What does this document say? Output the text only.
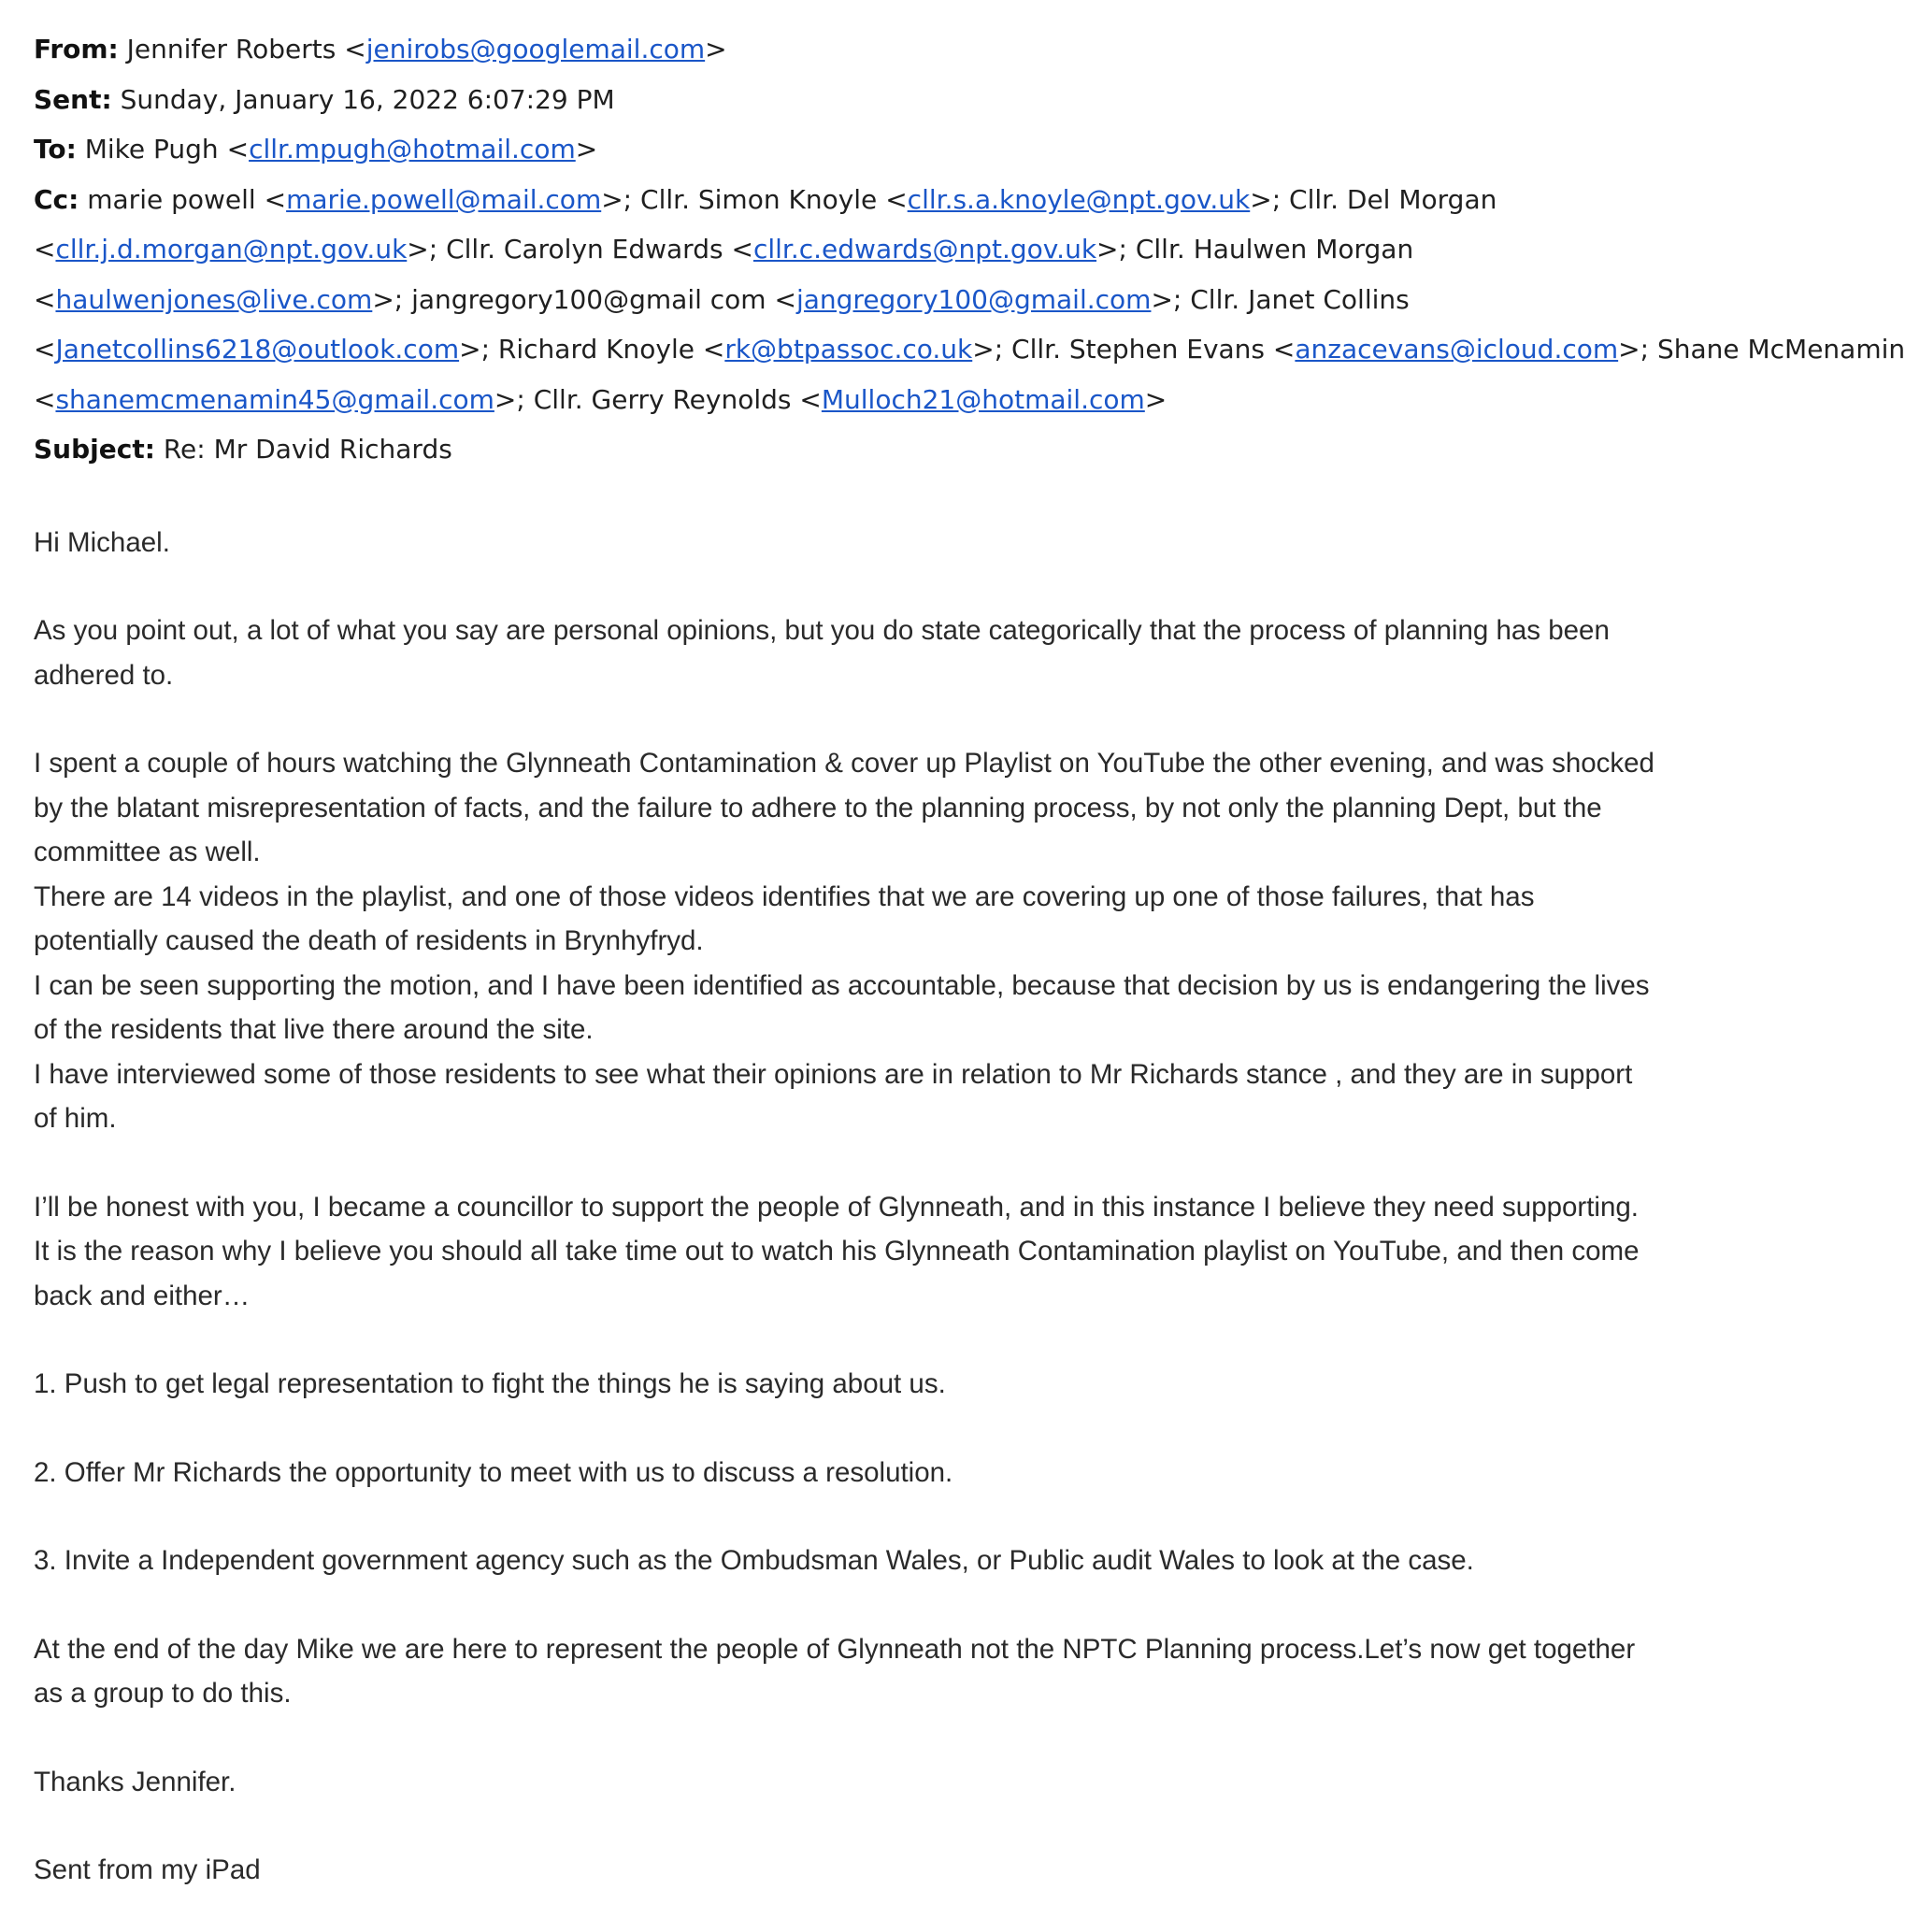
From: Jennifer Roberts <jenirobs@googlemail.com>
Sent: Sunday, January 16, 2022 6:07:29 PM
To: Mike Pugh <cllr.mpugh@hotmail.com>
Cc: marie powell <marie.powell@mail.com>; Cllr. Simon Knoyle <cllr.s.a.knoyle@npt.gov.uk>; Cllr. Del Morgan
<cllr.j.d.morgan@npt.gov.uk>; Cllr. Carolyn Edwards <cllr.c.edwards@npt.gov.uk>; Cllr. Haulwen Morgan
<haulwenjones@live.com>; jangregory100@gmail com <jangregory100@gmail.com>; Cllr. Janet Collins
<Janetcollins6218@outlook.com>; Richard Knoyle <rk@btpassoc.co.uk>; Cllr. Stephen Evans <anzacevans@icloud.com>; Shane McMenamin
<shanemcmenamin45@gmail.com>; Cllr. Gerry Reynolds <Mulloch21@hotmail.com>
Subject: Re: Mr David Richards

Hi Michael.

As you point out, a lot of what you say are personal opinions, but you do state categorically that the process of planning has been

adhered to.

I spent a couple of hours watching the Glynneath Contamination & cover up Playlist on YouTube the other evening, and was shocked

by the blatant misrepresentation of facts, and the failure to adhere to the planning process, by not only the planning Dept, but the

committee as well.

There are 14 videos in the playlist, and one of those videos identifies that we are covering up one of those failures, that has

potentially caused the death of residents in Brynhyfryd.

I can be seen supporting the motion, and I have been identified as accountable, because that decision by us is endangering the lives

of the residents that live there around the site.

I have interviewed some of those residents to see what their opinions are in relation to Mr Richards stance , and they are in support

of him.

I’ll be honest with you, I became a councillor to support the people of Glynneath, and in this instance I believe they need supporting.

It is the reason why I believe you should all take time out to watch his Glynneath Contamination playlist on YouTube, and then come

back and either…

1. Push to get legal representation to fight the things he is saying about us.

2. Offer Mr Richards the opportunity to meet with us to discuss a resolution.

3. Invite a Independent government agency such as the Ombudsman Wales, or Public audit Wales to look at the case.

At the end of the day Mike we are here to represent the people of Glynneath not the NPTC Planning process.Let’s now get together

as a group to do this.

Thanks Jennifer.

Sent from my iPad
